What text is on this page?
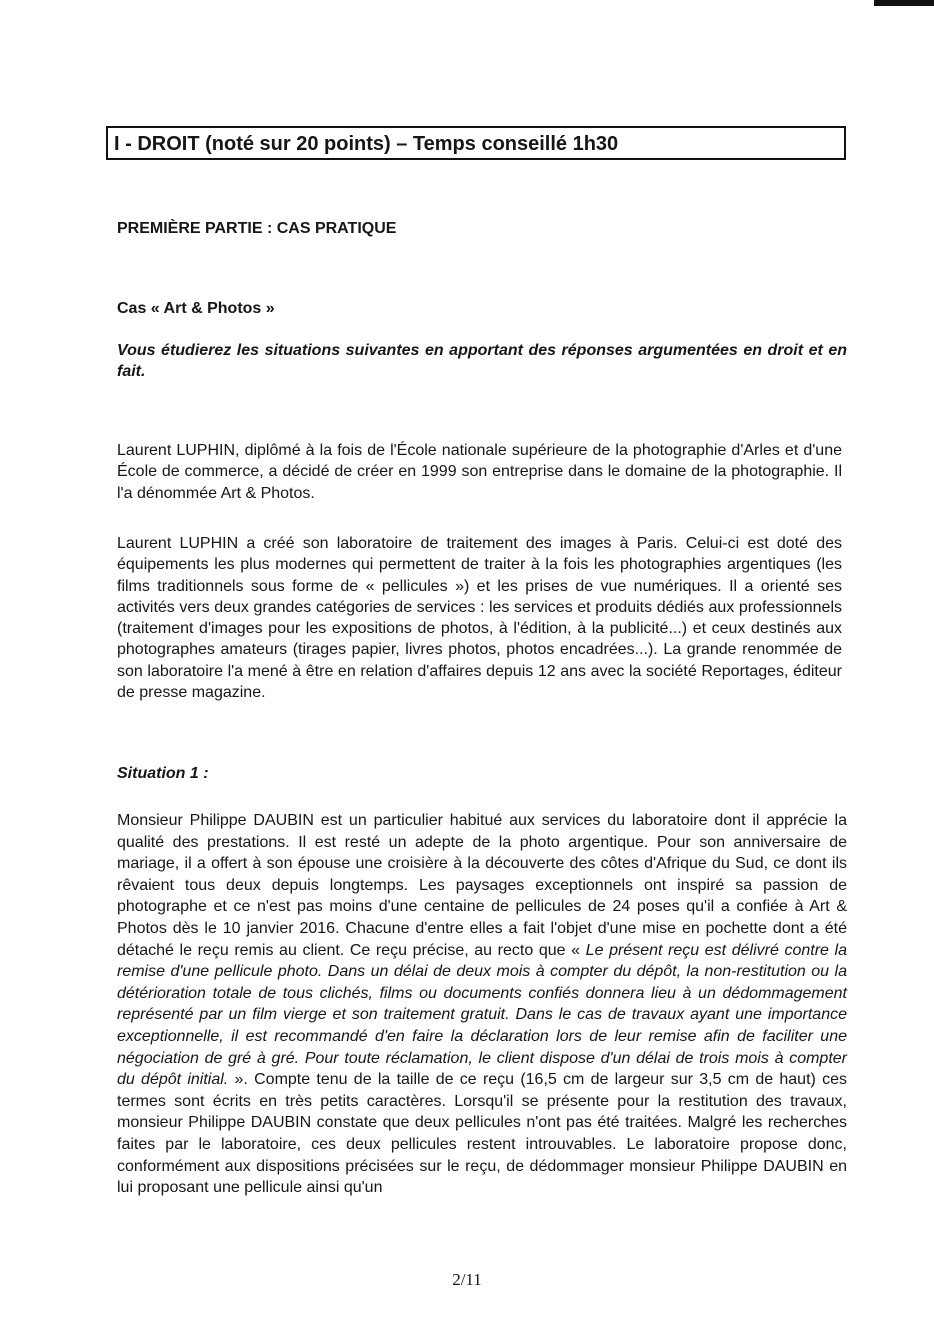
I - DROIT (noté sur 20 points) – Temps conseillé 1h30
PREMIÈRE PARTIE : CAS PRATIQUE
Cas « Art & Photos »
Vous étudierez les situations suivantes en apportant des réponses argumentées en droit et en fait.

Laurent LUPHIN, diplômé à la fois de l'École nationale supérieure de la photographie d'Arles et d'une École de commerce, a décidé de créer en 1999 son entreprise dans le domaine de la photographie. Il l'a dénommée Art & Photos.

Laurent LUPHIN a créé son laboratoire de traitement des images à Paris. Celui-ci est doté des équipements les plus modernes qui permettent de traiter à la fois les photographies argentiques (les films traditionnels sous forme de « pellicules ») et les prises de vue numériques. Il a orienté ses activités vers deux grandes catégories de services : les services et produits dédiés aux professionnels (traitement d'images pour les expositions de photos, à l'édition, à la publicité...) et ceux destinés aux photographes amateurs (tirages papier, livres photos, photos encadrées...). La grande renommée de son laboratoire l'a mené à être en relation d'affaires depuis 12 ans avec la société Reportages, éditeur de presse magazine.

Situation 1 :

Monsieur Philippe DAUBIN est un particulier habitué aux services du laboratoire dont il apprécie la qualité des prestations. Il est resté un adepte de la photo argentique. Pour son anniversaire de mariage, il a offert à son épouse une croisière à la découverte des côtes d'Afrique du Sud, ce dont ils rêvaient tous deux depuis longtemps. Les paysages exceptionnels ont inspiré sa passion de photographe et ce n'est pas moins d'une centaine de pellicules de 24 poses qu'il a confiée à Art & Photos dès le 10 janvier 2016. Chacune d'entre elles a fait l'objet d'une mise en pochette dont a été détaché le reçu remis au client. Ce reçu précise, au recto que « Le présent reçu est délivré contre la remise d'une pellicule photo. Dans un délai de deux mois à compter du dépôt, la non-restitution ou la détérioration totale de tous clichés, films ou documents confiés donnera lieu à un dédommagement représenté par un film vierge et son traitement gratuit. Dans le cas de travaux ayant une importance exceptionnelle, il est recommandé d'en faire la déclaration lors de leur remise afin de faciliter une négociation de gré à gré. Pour toute réclamation, le client dispose d'un délai de trois mois à compter du dépôt initial. ». Compte tenu de la taille de ce reçu (16,5 cm de largeur sur 3,5 cm de haut) ces termes sont écrits en très petits caractères. Lorsqu'il se présente pour la restitution des travaux, monsieur Philippe DAUBIN constate que deux pellicules n'ont pas été traitées. Malgré les recherches faites par le laboratoire, ces deux pellicules restent introuvables. Le laboratoire propose donc, conformément aux dispositions précisées sur le reçu, de dédommager monsieur Philippe DAUBIN en lui proposant une pellicule ainsi qu'un

2/11
